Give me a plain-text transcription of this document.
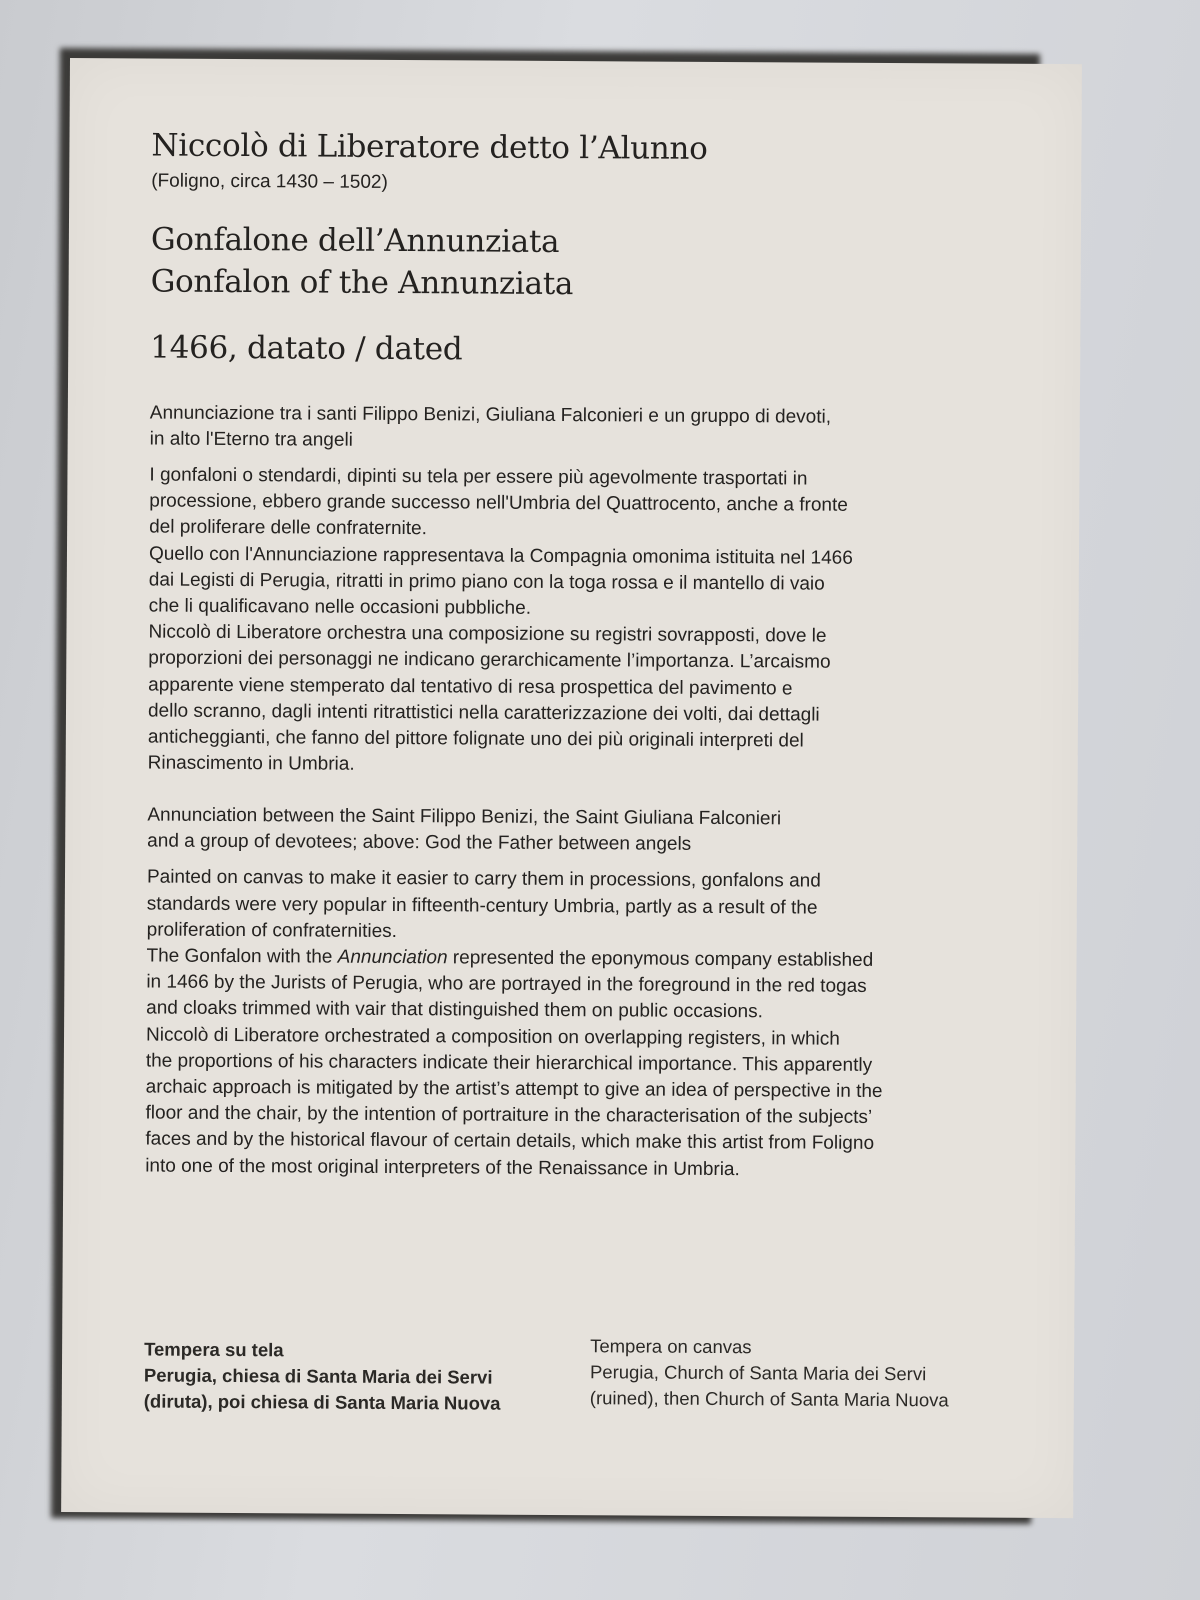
Niccolò di Liberatore detto l’Alunno
(Foligno, circa 1430 – 1502)
Gonfalone dell’Annunziata
Gonfalon of the Annunziata
1466, datato / dated
Annunciazione tra i santi Filippo Benizi, Giuliana Falconieri e un gruppo di devoti,
in alto l'Eterno tra angeli

I gonfaloni o stendardi, dipinti su tela per essere più agevolmente trasportati in

processione, ebbero grande successo nell'Umbria del Quattrocento, anche a fronte

del proliferare delle confraternite.

Quello con l'Annunciazione rappresentava la Compagnia omonima istituita nel 1466

dai Legisti di Perugia, ritratti in primo piano con la toga rossa e il mantello di vaio

che li qualificavano nelle occasioni pubbliche.

Niccolò di Liberatore orchestra una composizione su registri sovrapposti, dove le

proporzioni dei personaggi ne indicano gerarchicamente l’importanza. L’arcaismo

apparente viene stemperato dal tentativo di resa prospettica del pavimento e

dello scranno, dagli intenti ritrattistici nella caratterizzazione dei volti, dai dettagli

anticheggianti, che fanno del pittore folignate uno dei più originali interpreti del

Rinascimento in Umbria.

Annunciation between the Saint Filippo Benizi, the Saint Giuliana Falconieri
and a group of devotees; above: God the Father between angels

Painted on canvas to make it easier to carry them in processions, gonfalons and

standards were very popular in fifteenth-century Umbria, partly as a result of the

proliferation of confraternities.

The Gonfalon with the Annunciation represented the eponymous company established

in 1466 by the Jurists of Perugia, who are portrayed in the foreground in the red togas

and cloaks trimmed with vair that distinguished them on public occasions.

Niccolò di Liberatore orchestrated a composition on overlapping registers, in which

the proportions of his characters indicate their hierarchical importance. This apparently

archaic approach is mitigated by the artist’s attempt to give an idea of perspective in the

floor and the chair, by the intention of portraiture in the characterisation of the subjects’

faces and by the historical flavour of certain details, which make this artist from Foligno

into one of the most original interpreters of the Renaissance in Umbria.

Tempera su tela
Perugia, chiesa di Santa Maria dei Servi
(diruta), poi chiesa di Santa Maria Nuova
Tempera on canvas
Perugia, Church of Santa Maria dei Servi
(ruined), then Church of Santa Maria Nuova
